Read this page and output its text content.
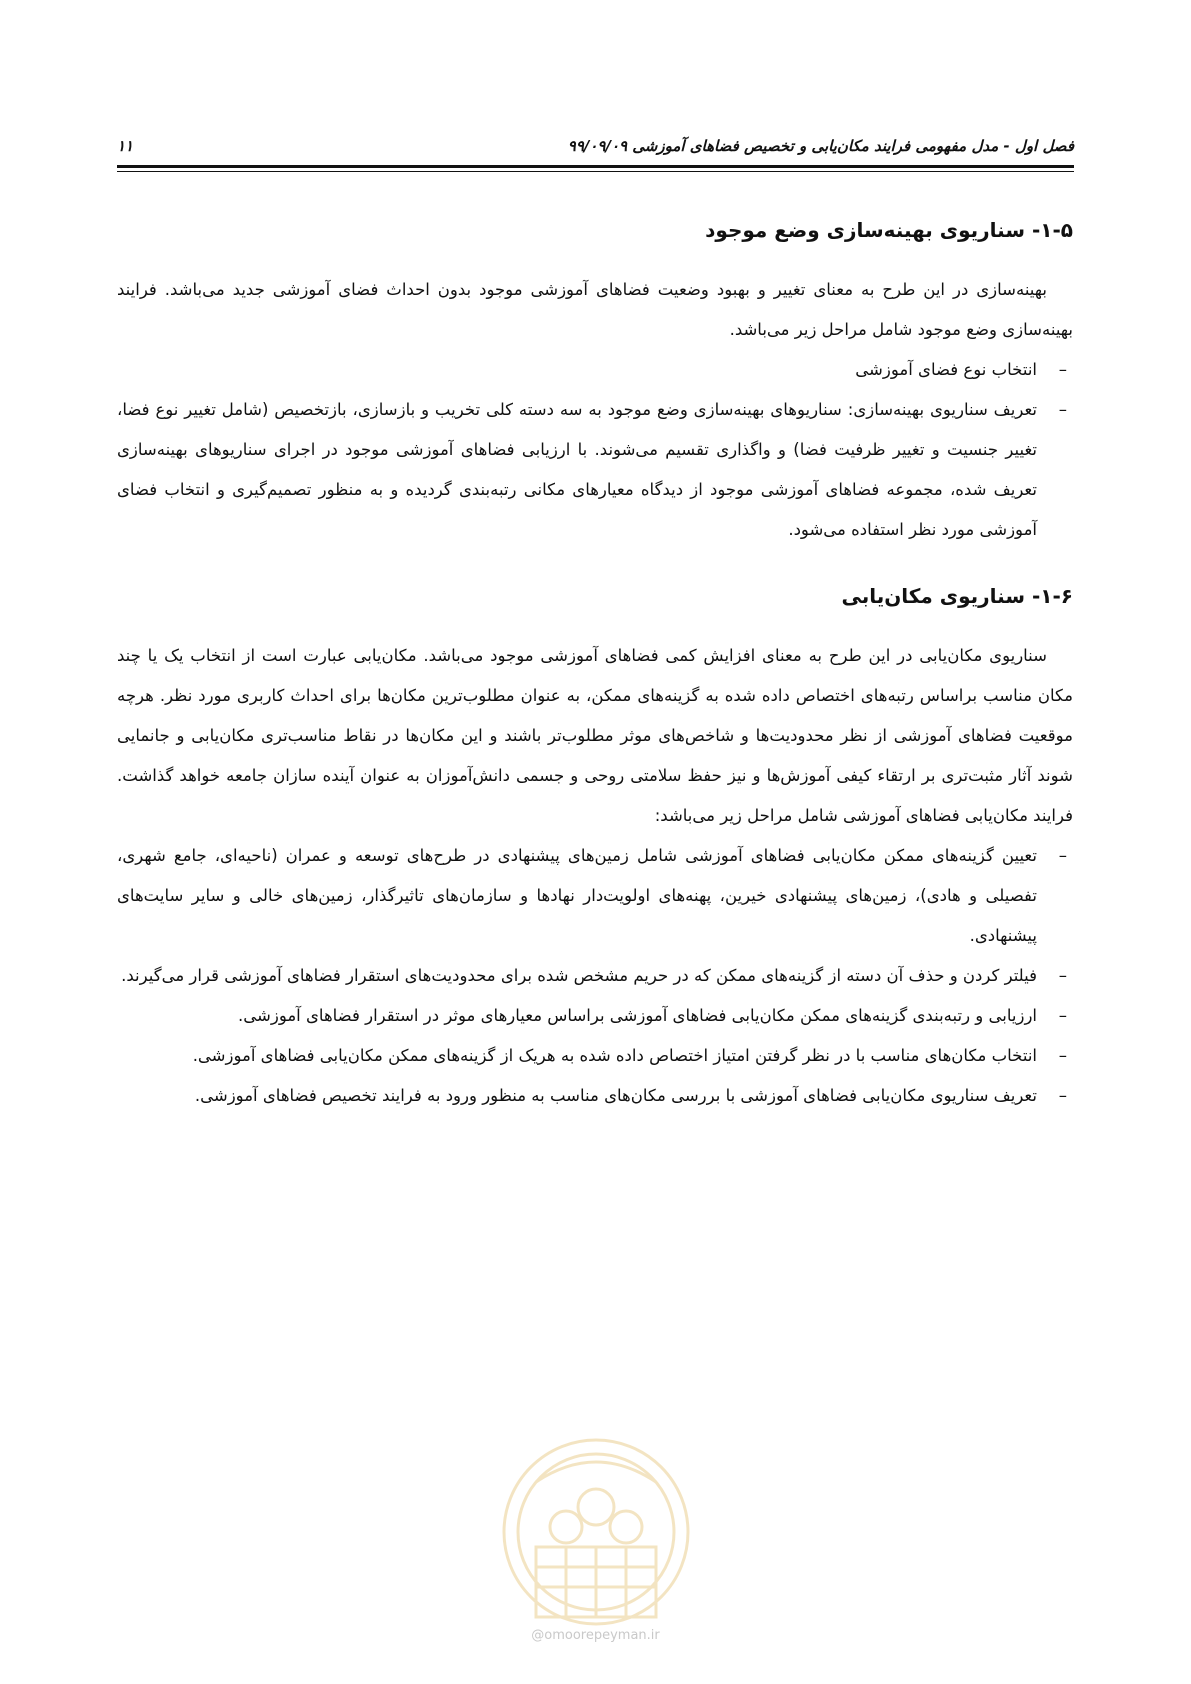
۱۱	فصل اول - مدل مفهومی فرایند مکان‌یابی و تخصیص فضاهای آموزشی ۹۹/۰۹/۰۹
۱-۵- سناریوی بهینه‌سازی وضع موجود

بهینه‌سازی در این طرح به معنای تغییر و بهبود وضعیت فضاهای آموزشی موجود بدون احداث فضای آموزشی جدید می‌باشد. فرایند بهینه‌سازی وضع موجود شامل مراحل زیر می‌باشد.

–
انتخاب نوع فضای آموزشی
–
تعریف سناریوی بهینه‌سازی: سناریوهای بهینه‌سازی وضع موجود به سه دسته کلی تخریب و بازسازی، بازتخصیص (شامل تغییر نوع فضا، تغییر جنسیت و تغییر ظرفیت فضا) و واگذاری تقسیم می‌شوند. با ارزیابی فضاهای آموزشی موجود در اجرای سناریوهای بهینه‌سازی تعریف شده، مجموعه فضاهای آموزشی موجود از دیدگاه معیارهای مکانی رتبه‌بندی گردیده و به منظور تصمیم‌گیری و انتخاب فضای آموزشی مورد نظر استفاده می‌شود.
۱-۶- سناریوی مکان‌یابی

سناریوی مکان‌یابی در این طرح به معنای افزایش کمی فضاهای آموزشی موجود می‌باشد. مکان‌یابی عبارت است از انتخاب یک یا چند مکان مناسب براساس رتبه‌های اختصاص داده شده به گزینه‌های ممکن، به عنوان مطلوب‌ترین مکان‌ها برای احداث کاربری مورد نظر. هرچه موقعیت فضاهای آموزشی از نظر محدودیت‌ها و شاخص‌های موثر مطلوب‌تر باشند و این مکان‌ها در نقاط مناسب‌تری مکان‌یابی و جانمایی شوند آثار مثبت‌تری بر ارتقاء کیفی آموزش‌ها و نیز حفظ سلامتی روحی و جسمی دانش‌آموزان به عنوان آینده سازان جامعه خواهد گذاشت. فرایند مکان‌یابی فضاهای آموزشی شامل مراحل زیر می‌باشد:

–
تعیین گزینه‌های ممکن مکان‌یابی فضاهای آموزشی شامل زمین‌های پیشنهادی در طرح‌های توسعه و عمران (ناحیه‌ای، جامع شهری، تفصیلی و هادی)، زمین‌های پیشنهادی خیرین، پهنه‌های اولویت‌دار نهادها و سازمان‌های تاثیرگذار، زمین‌های خالی و سایر سایت‌های پیشنهادی.
–
فیلتر کردن و حذف آن دسته از گزینه‌های ممکن که در حریم مشخص شده برای محدودیت‌های استقرار فضاهای آموزشی قرار می‌گیرند.
–
ارزیابی و رتبه‌بندی گزینه‌های ممکن مکان‌یابی فضاهای آموزشی براساس معیارهای موثر در استقرار فضاهای آموزشی.
–
انتخاب مکان‌های مناسب با در نظر گرفتن امتیاز اختصاص داده شده به هریک از گزینه‌های ممکن مکان‌یابی فضاهای آموزشی.
–
تعریف سناریوی مکان‌یابی فضاهای آموزشی با بررسی مکان‌های مناسب به منظور ورود به فرایند تخصیص فضاهای آموزشی.
@omoorepeyman.ir
